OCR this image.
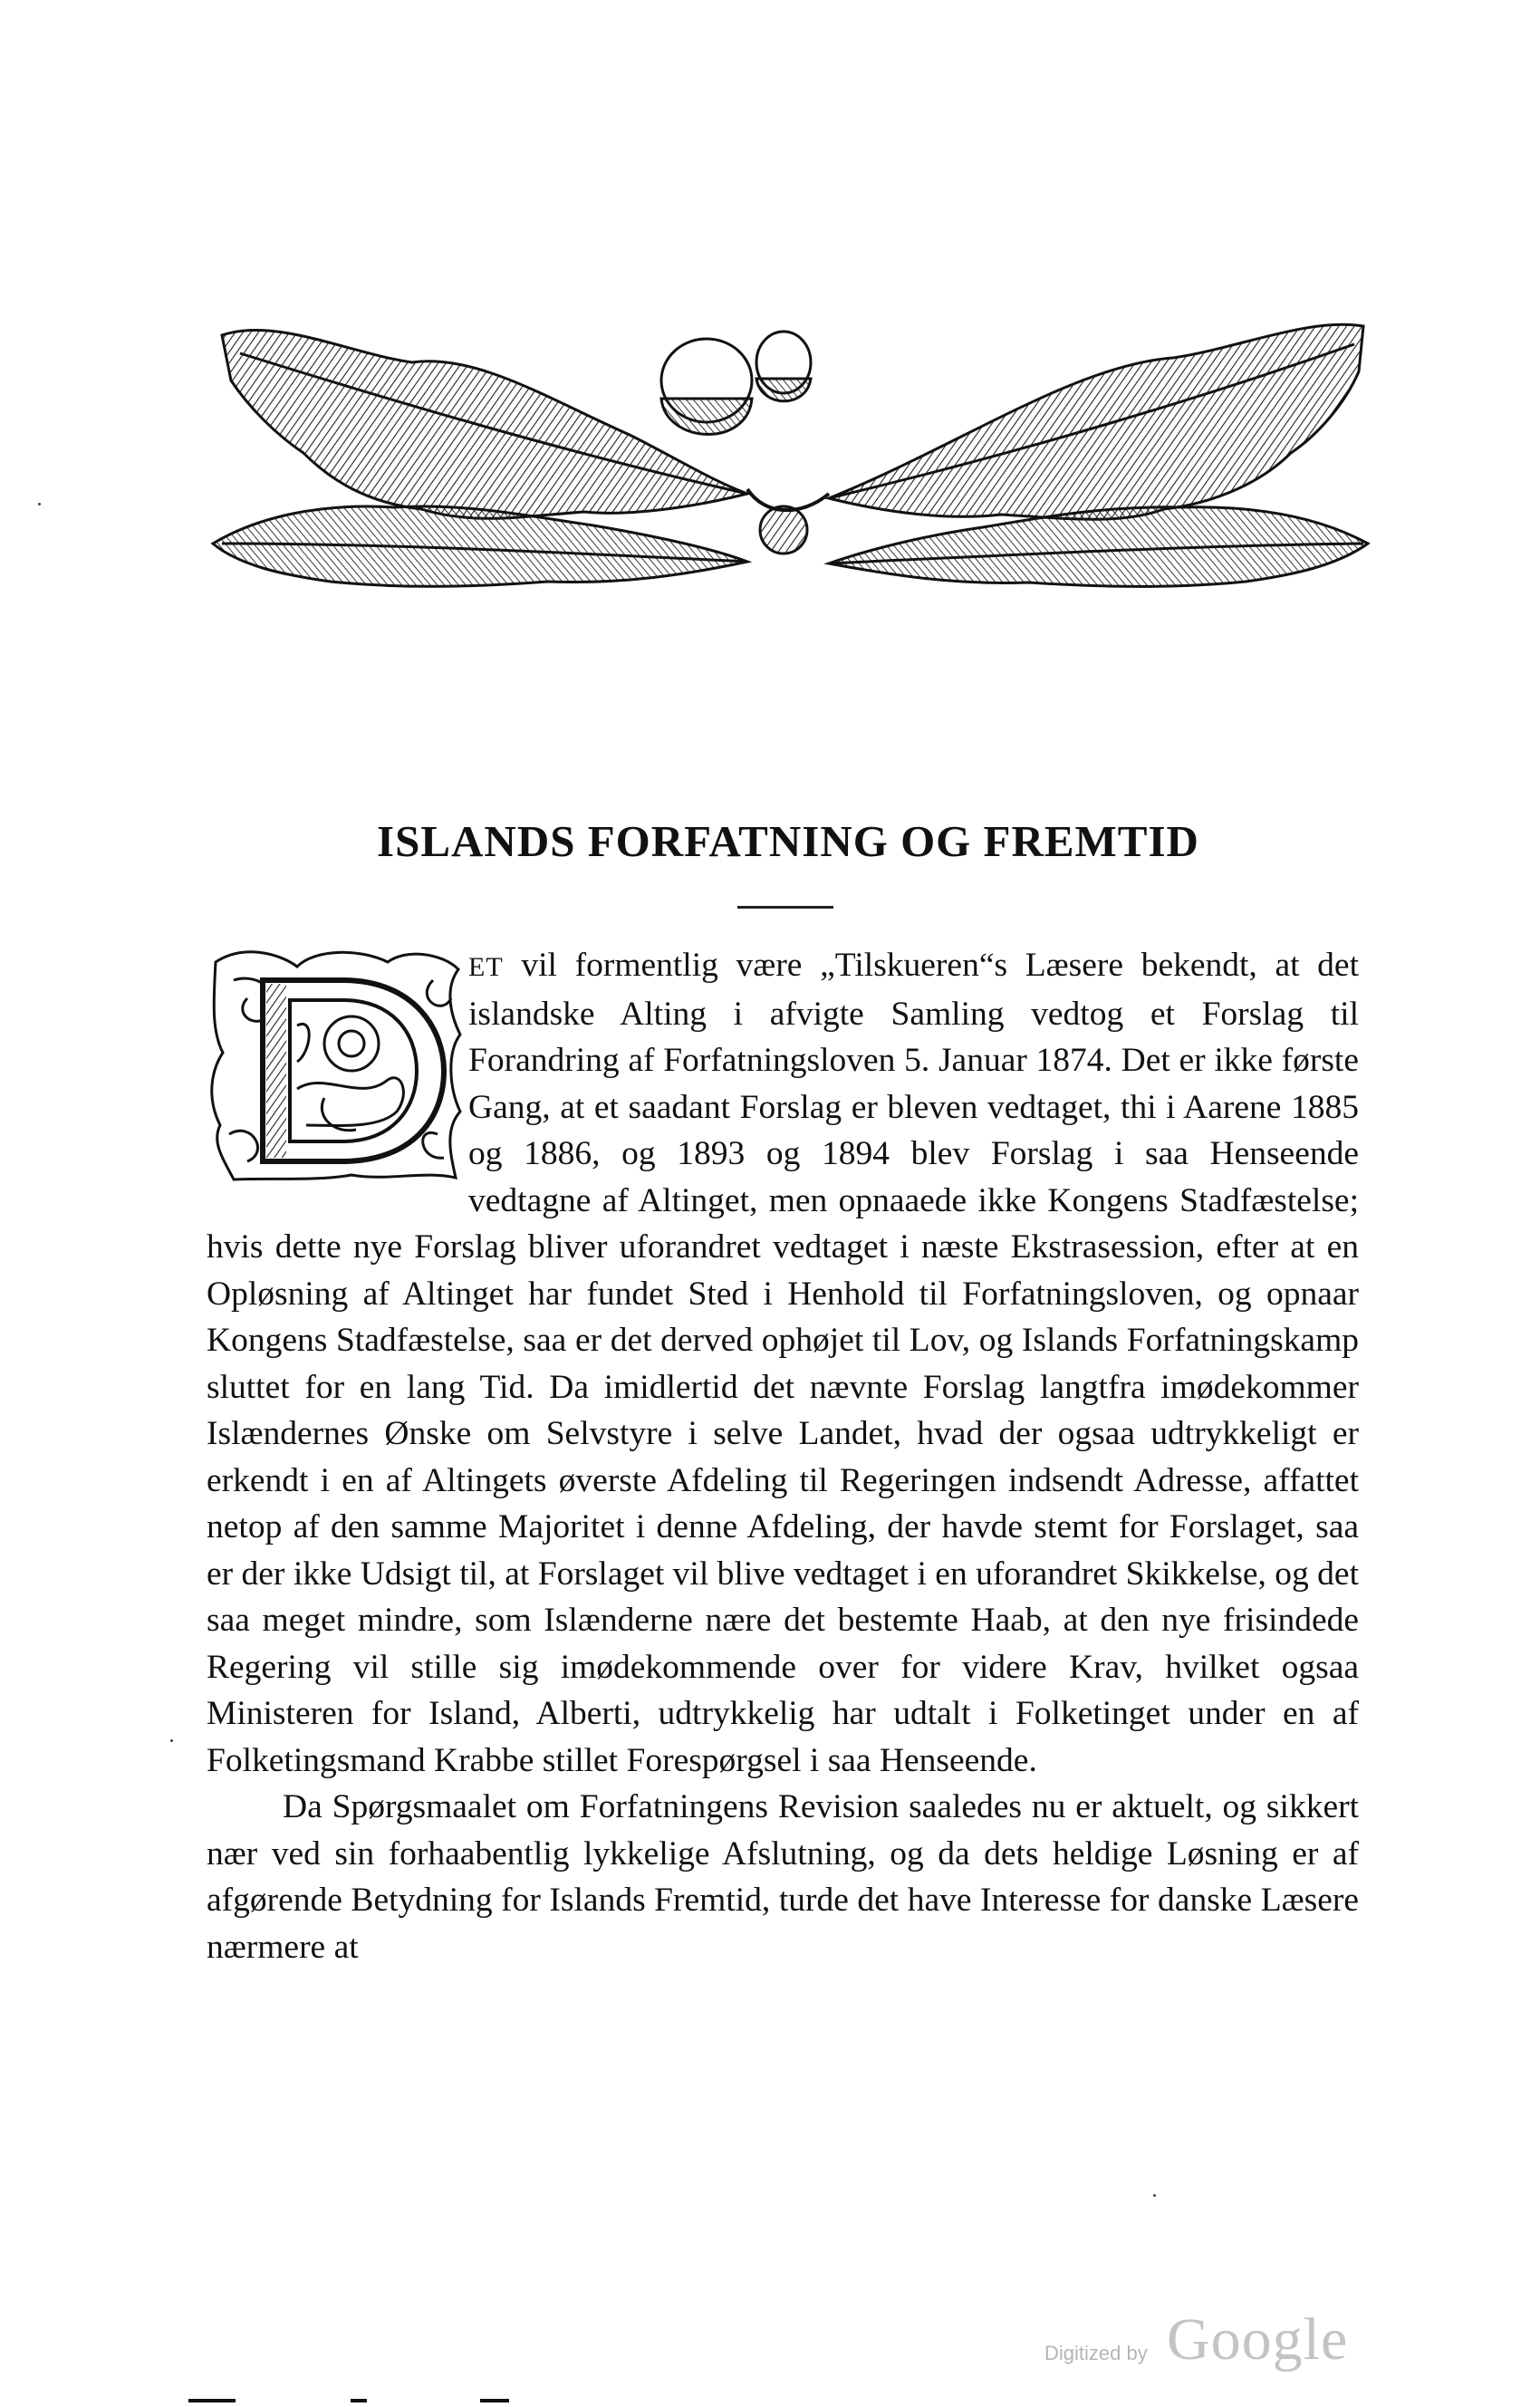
ISLANDS FORFATNING OG FREMTID

ET vil formentlig være „Tilskueren“s Læsere bekendt, at det islandske Alting i afvigte Samling vedtog et Forslag til Forandring af Forfatningsloven 5. Januar 1874. Det er ikke første Gang, at et saadant Forslag er bleven vedtaget, thi i Aarene 1885 og 1886, og 1893 og 1894 blev Forslag i saa Henseende vedtagne af Altinget, men opnaaede ikke Kongens Stadfæstelse; hvis dette nye Forslag bliver uforandret vedtaget i næste Ekstrasession, efter at en Opløsning af Altinget har fundet Sted i Henhold til Forfatningsloven, og opnaar Kongens Stadfæstelse, saa er det derved ophøjet til Lov, og Islands Forfatningskamp sluttet for en lang Tid. Da imidlertid det nævnte Forslag langtfra imødekommer Islændernes Ønske om Selvstyre i selve Landet, hvad der ogsaa udtrykkeligt er erkendt i en af Altingets øverste Afdeling til Regeringen indsendt Adresse, affattet netop af den samme Majoritet i denne Afdeling, der havde stemt for Forslaget, saa er der ikke Udsigt til, at Forslaget vil blive vedtaget i en uforandret Skikkelse, og det saa meget mindre, som Islænderne nære det bestemte Haab, at den nye frisindede Regering vil stille sig imødekommende over for videre Krav, hvilket ogsaa Ministeren for Island, Alberti, udtrykkelig har udtalt i Folketinget under en af Folketingsmand Krabbe stillet Forespørgsel i saa Henseende.

Da Spørgsmaalet om Forfatningens Revision saaledes nu er aktuelt, og sikkert nær ved sin forhaabentlig lykkelige Afslutning, og da dets heldige Løsning er af afgørende Betydning for Islands Fremtid, turde det have Interesse for danske Læsere nærmere at

Digitized by Google
